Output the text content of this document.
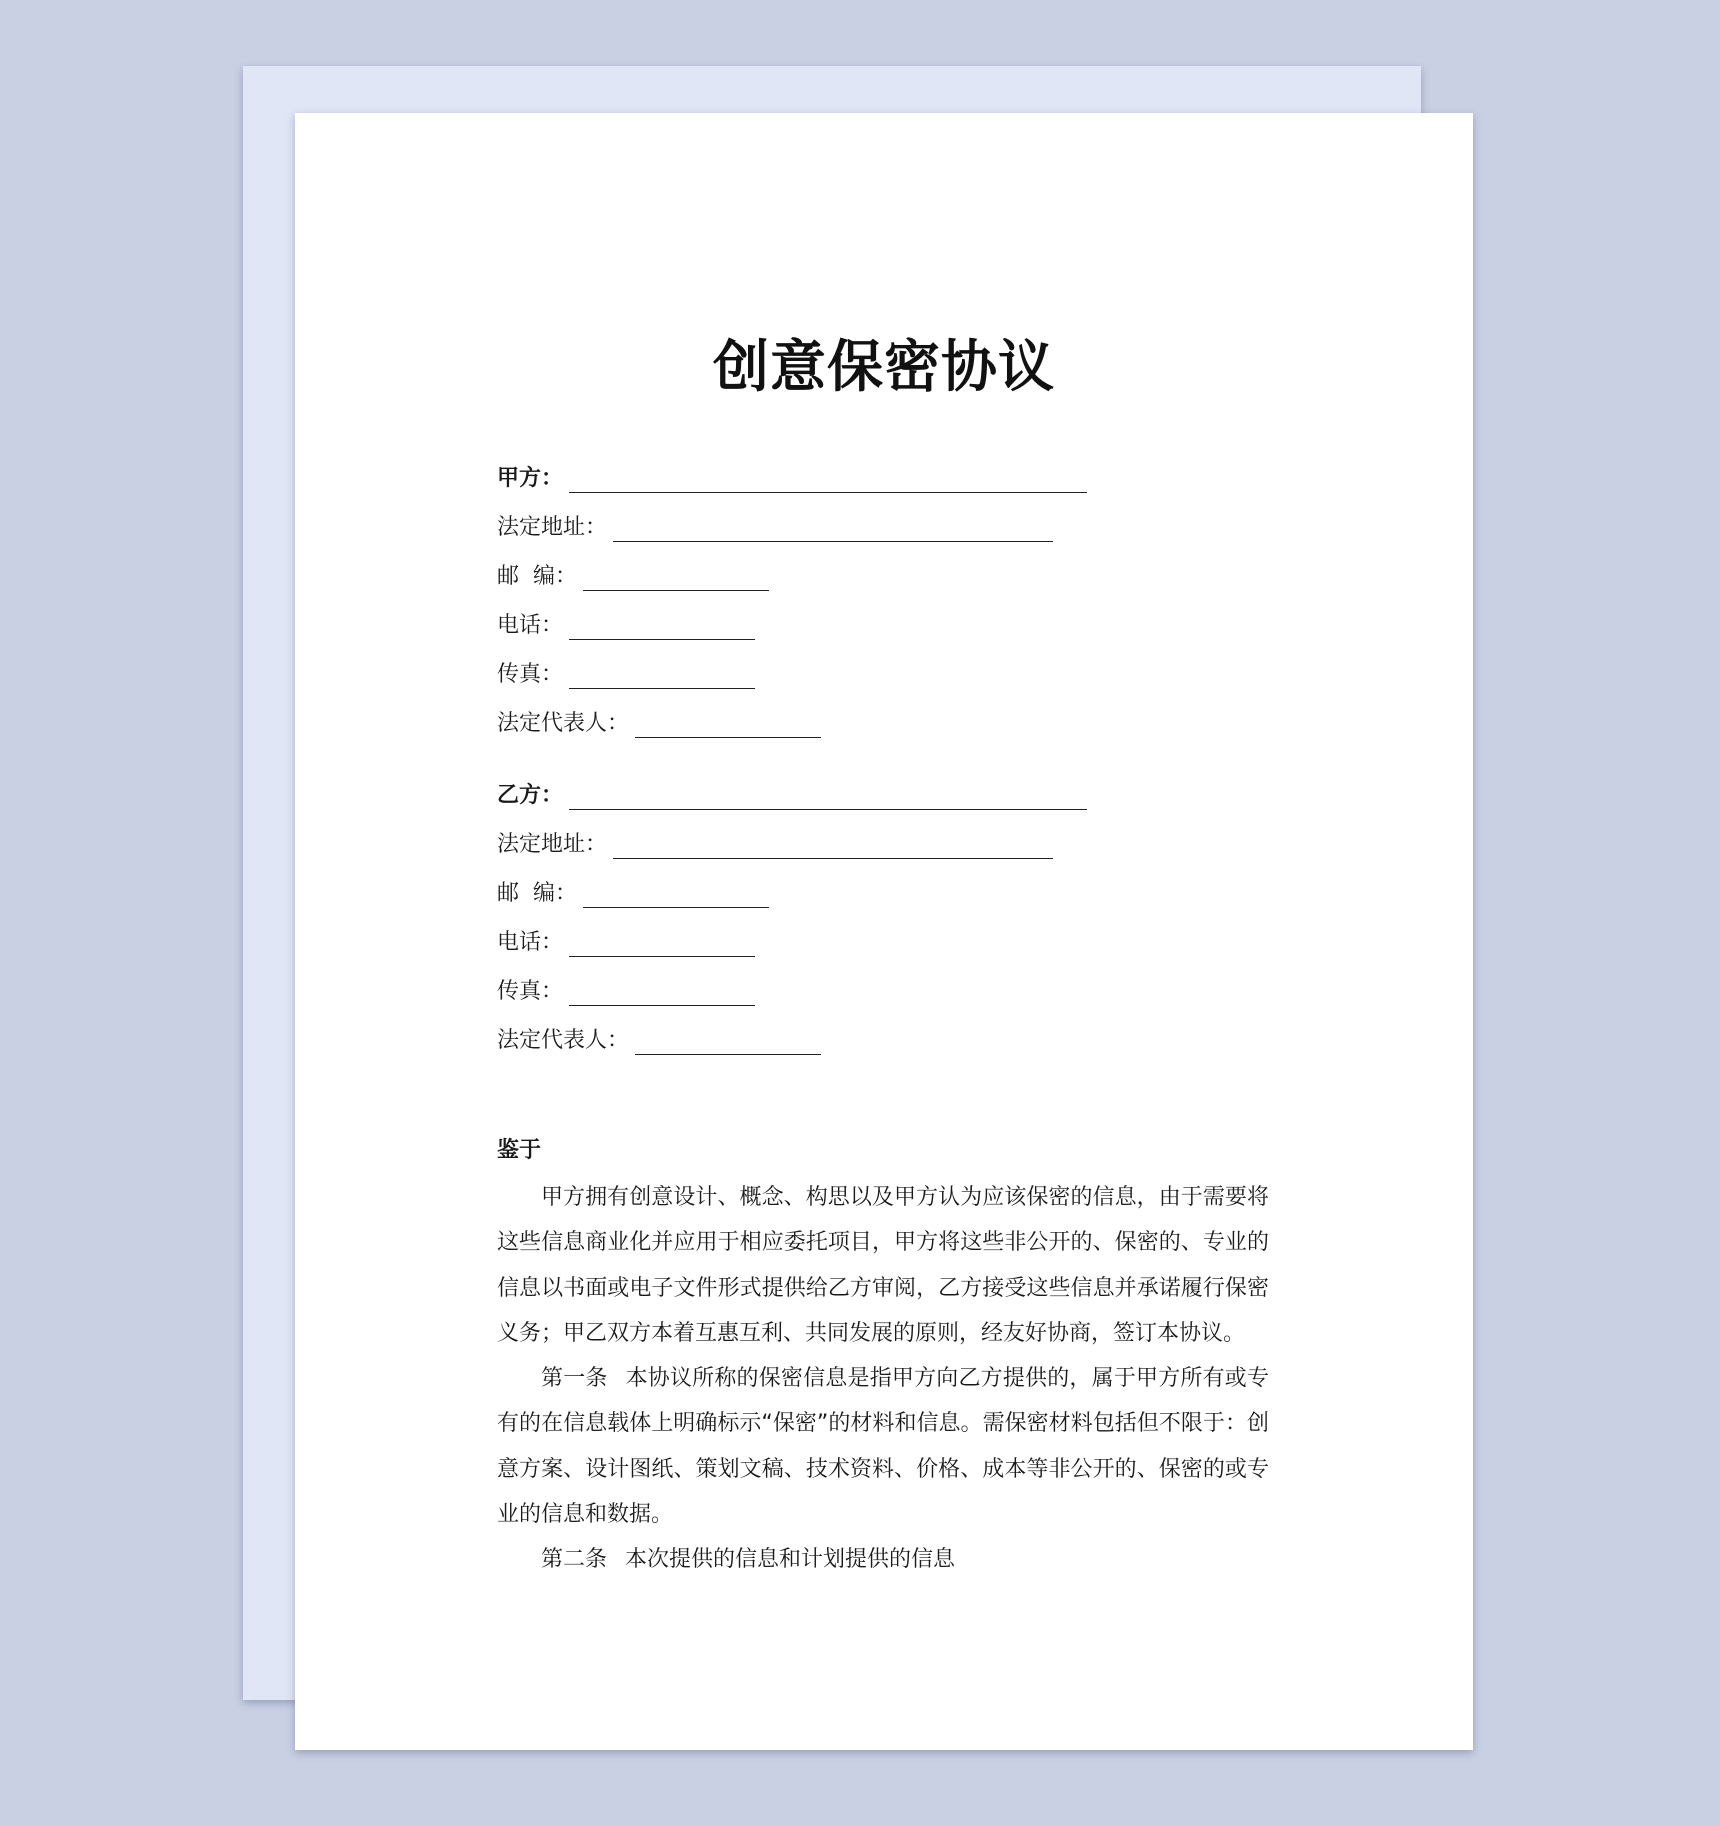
创意保密协议
甲方：
法定地址：
邮  编：
电话：
传真：
法定代表人：
乙方：
法定地址：
邮  编：
电话：
传真：
法定代表人：
鉴于

甲方拥有创意设计、概念、构思以及甲方认为应该保密的信息，由于需要将这些信息商业化并应用于相应委托项目，甲方将这些非公开的、保密的、专业的信息以书面或电子文件形式提供给乙方审阅，乙方接受这些信息并承诺履行保密义务；甲乙双方本着互惠互利、共同发展的原则，经友好协商，签订本协议。

第一条 本协议所称的保密信息是指甲方向乙方提供的，属于甲方所有或专有的在信息载体上明确标示“保密”的材料和信息。需保密材料包括但不限于：创意方案、设计图纸、策划文稿、技术资料、价格、成本等非公开的、保密的或专业的信息和数据。

第二条 本次提供的信息和计划提供的信息
